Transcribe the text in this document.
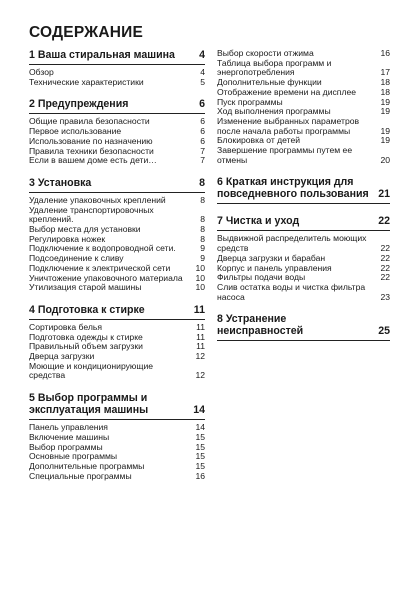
СОДЕРЖАНИЕ
1 Ваша стиральная машина	4
Обзор	4
Технические характеристики	5
2 Предупреждения	6
Общие правила безопасности	6
Первое использование	6
Использование по назначению	6
Правила техники безопасности	7
Если в вашем доме есть дети…	7
3 Установка	8
Удаление упаковочных креплений	8
Удаление транспортировочных креплений.	8
Выбор места для установки	8
Регулировка ножек	8
Подключение к водопроводной сети.	9
Подсоединение к сливу	9
Подключение к электрической сети	10
Уничтожение упаковочного материала	10
Утилизация старой машины	10
4 Подготовка к стирке	11
Сортировка белья	11
Подготовка одежды к стирке	11
Правильный объем загрузки	11
Дверца загрузки	12
Моющие и кондиционирующие средства	12
5 Выбор программы и эксплуатация машины	14
Панель управления	14
Включение машины	15
Выбор программы	15
Основные программы	15
Дополнительные программы	15
Специальные программы	16
Выбор скорости отжима	16
Таблица выбора программ и энергопотребления	17
Дополнительные функции	18
Отображение времени на дисплее	18
Пуск программы	19
Ход выполнения программы	19
Изменение выбранных параметров после начала работы программы	19
Блокировка от детей	19
Завершение программы путем ее отмены	20
6 Краткая инструкция для повседневного пользования 21
7 Чистка и уход	22
Выдвижной распределитель моющих средств	22
Дверца загрузки и барабан	22
Корпус и панель управления	22
Фильтры подачи воды	22
Слив остатка воды и чистка фильтра насоса	23
8 Устранение неисправностей	25
